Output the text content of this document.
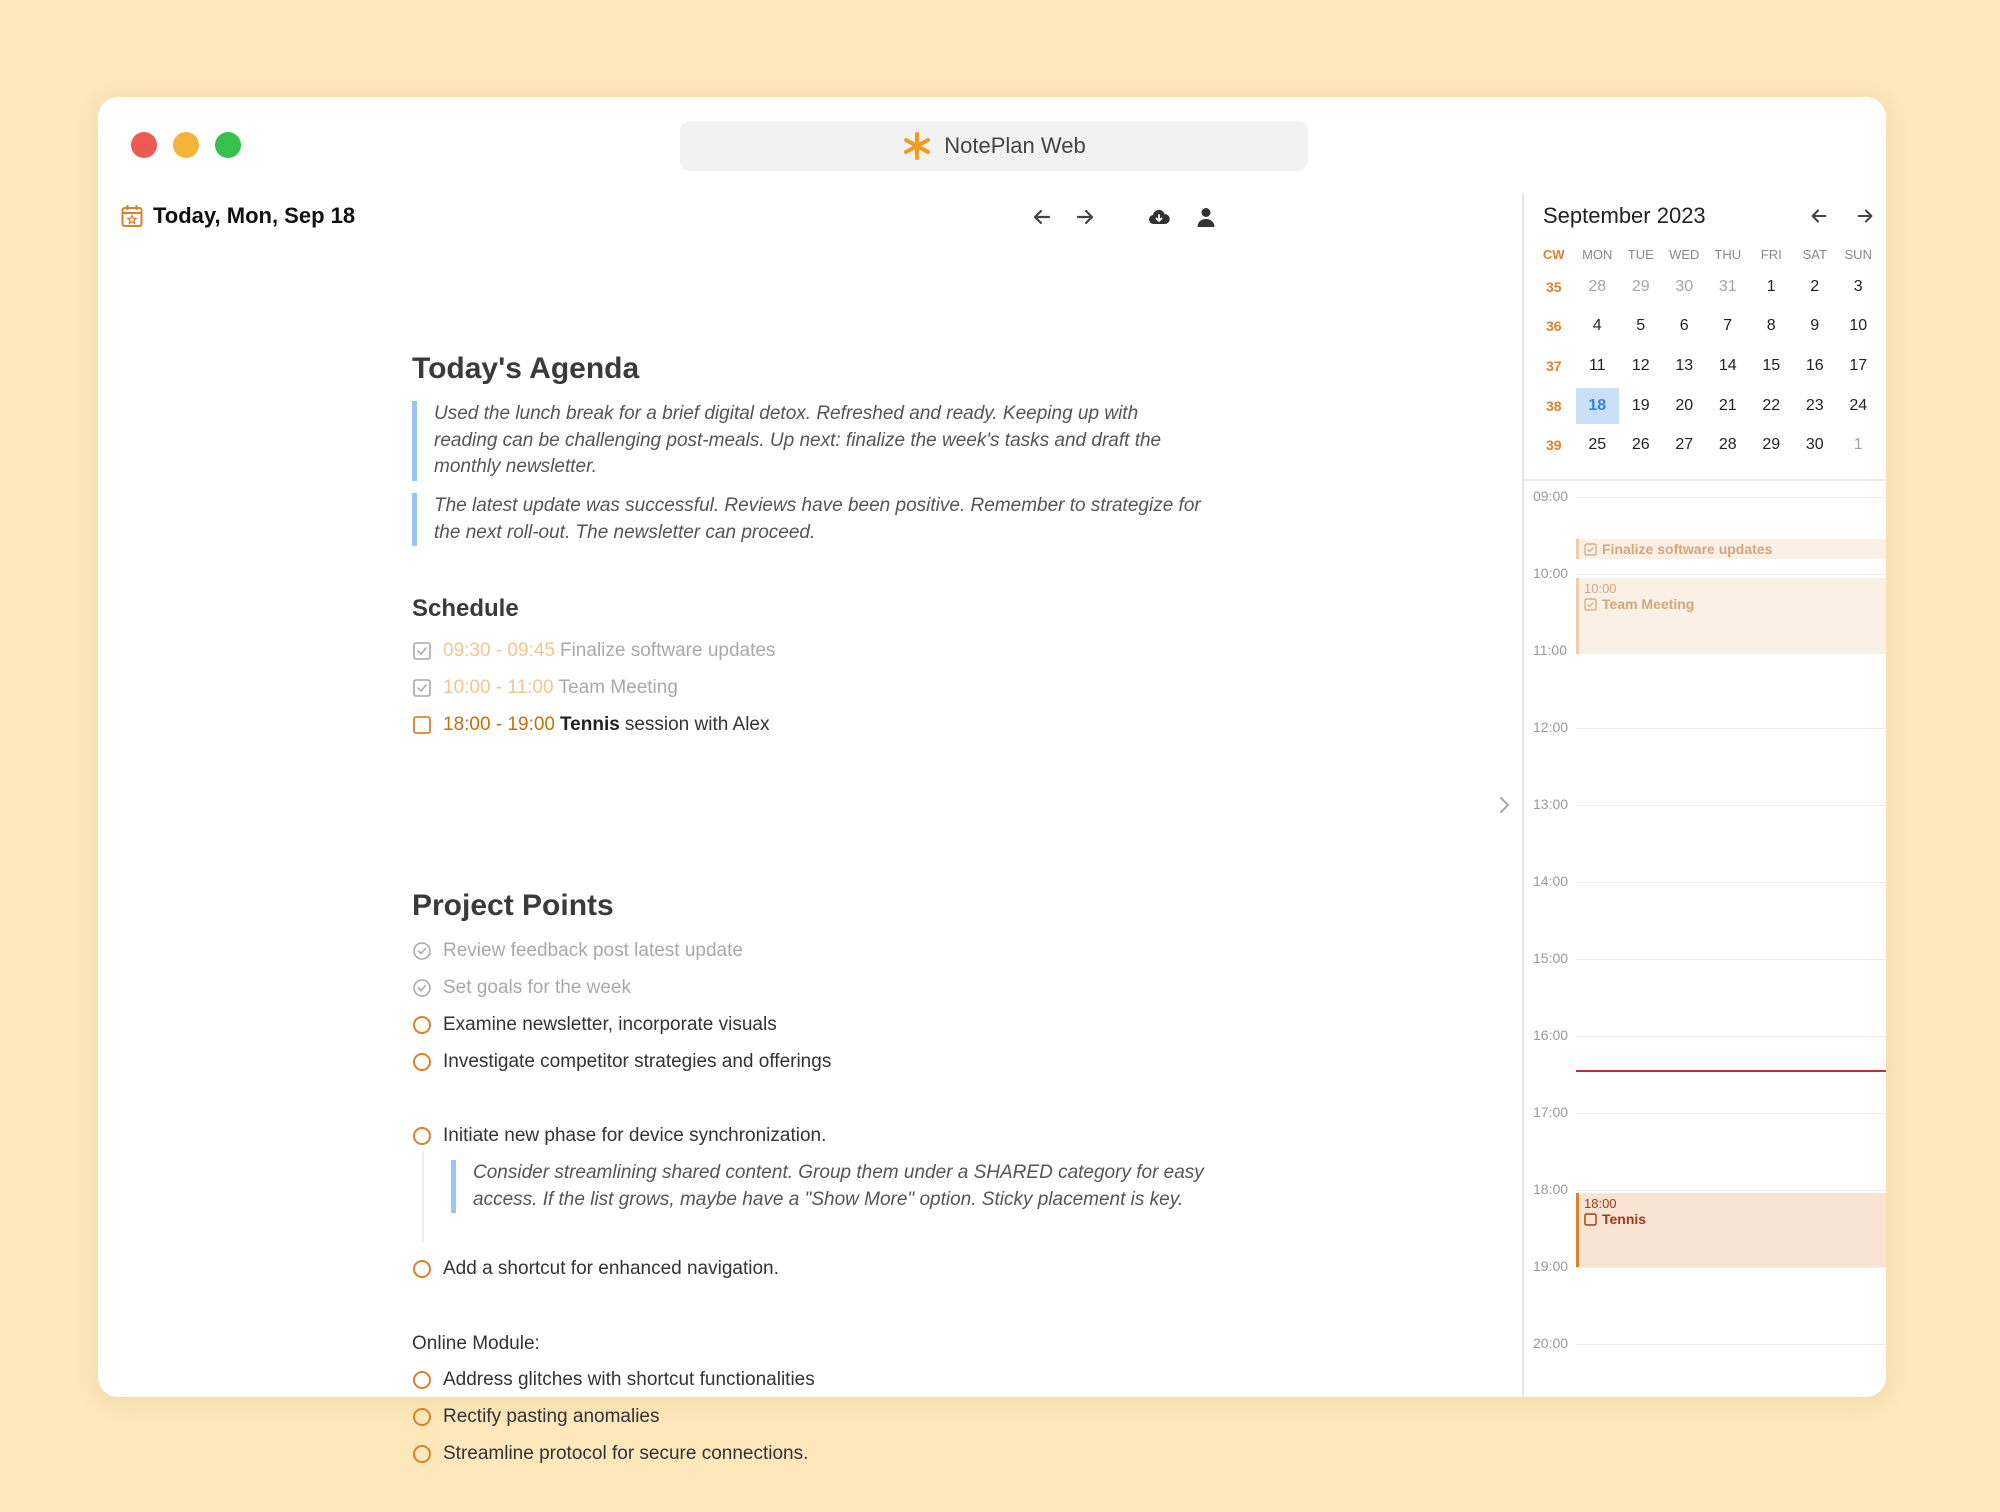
NotePlan Web
Today, Mon, Sep 18
Today's Agenda
Used the lunch break for a brief digital detox. Refreshed and ready. Keeping up with reading can be challenging post-meals. Up next: finalize the week's tasks and draft the monthly newsletter.
The latest update was successful. Reviews have been positive. Remember to strategize for the next roll-out. The newsletter can proceed.
Schedule
09:30 - 09:45 Finalize software updates
10:00 - 11:00 Team Meeting
18:00 - 19:00 Tennis session with Alex
Project Points
Review feedback post latest update
Set goals for the week
Examine newsletter, incorporate visuals
Investigate competitor strategies and offerings
Initiate new phase for device synchronization.
Consider streamlining shared content. Group them under a SHARED category for easy access. If the list grows, maybe have a "Show More" option. Sticky placement is key.
Add a shortcut for enhanced navigation.
Online Module:
Address glitches with shortcut functionalities
Rectify pasting anomalies
Streamline protocol for secure connections.
September 2023
CW	MON	TUE	WED	THU	FRI	SAT	SUN
35	28	29	30	31	1	2	3
36	4	5	6	7	8	9	10
37	11	12	13	14	15	16	17
38	18	19	20	21	22	23	24
39	25	26	27	28	29	30	1
09:00
10:00
11:00
12:00
13:00
14:00
15:00
16:00
17:00
18:00
19:00
20:00
Finalize software updates
10:00
Team Meeting
18:00
Tennis
